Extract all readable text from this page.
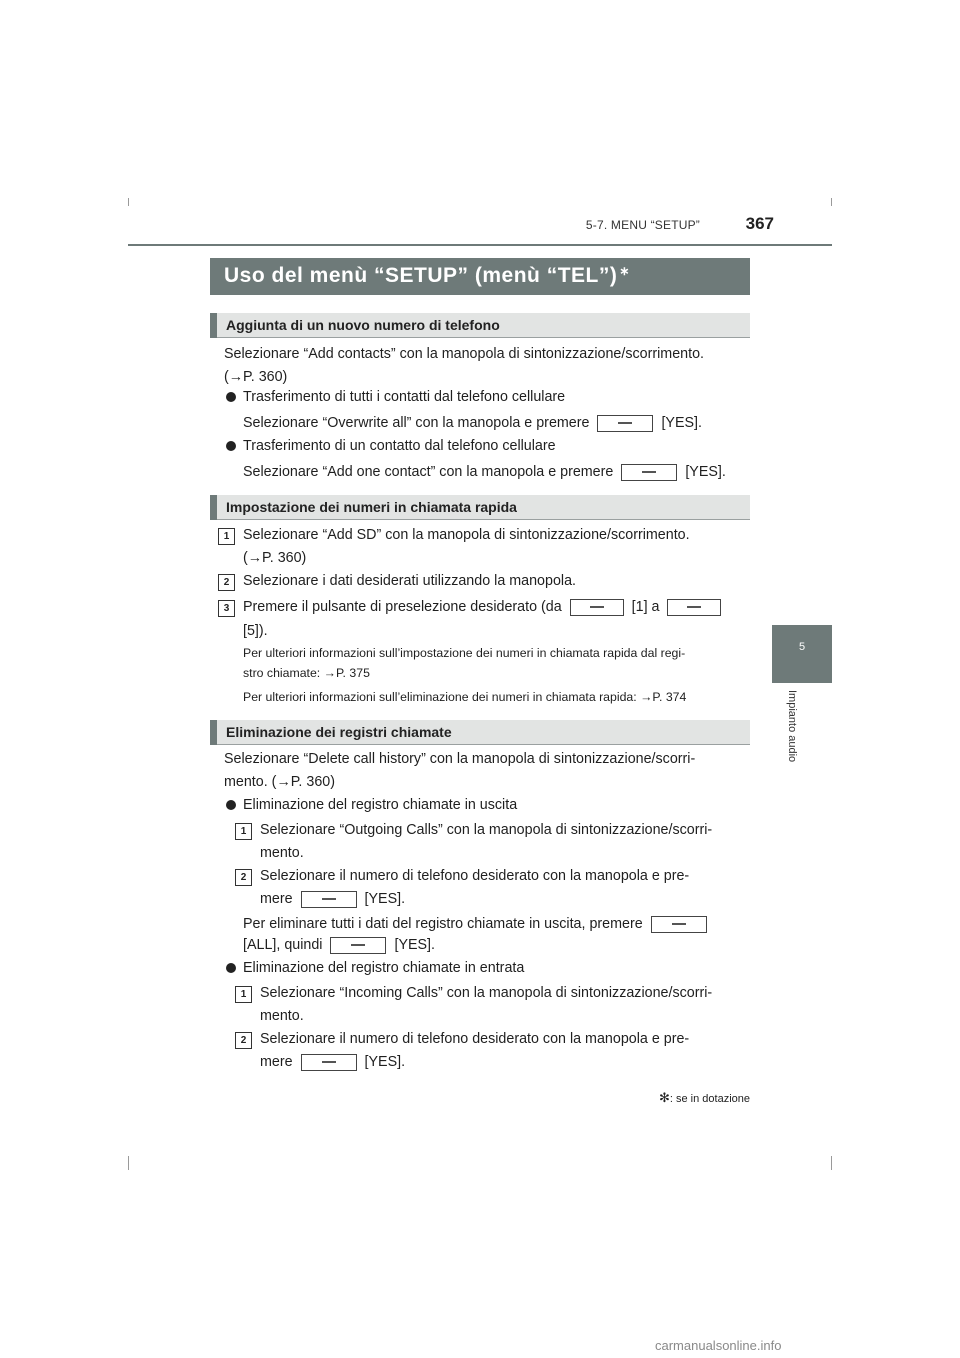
5-7. MENU “SETUP”	367
5
Impianto audio
Uso del menù “SETUP” (menù “TEL”) ∗
Aggiunta di un nuovo numero di telefono
Selezionare “Add contacts” con la manopola di sintonizzazione/scorrimento.
(→P. 360)
Trasferimento di tutti i contatti dal telefono cellulare
Selezionare “Overwrite all” con la manopola e premere	[YES].
Trasferimento di un contatto dal telefono cellulare
Selezionare “Add one contact” con la manopola e premere	[YES].
Impostazione dei numeri in chiamata rapida
1 Selezionare “Add SD” con la manopola di sintonizzazione/scorrimento.
(→P. 360)
2 Selezionare i dati desiderati utilizzando la manopola.
3 Premere il pulsante di preselezione desiderato (da	[1] a
[5]).
Per ulteriori informazioni sull’impostazione dei numeri in chiamata rapida dal regi-
stro chiamate: →P. 375
Per ulteriori informazioni sull’eliminazione dei numeri in chiamata rapida: →P. 374
Eliminazione dei registri chiamate
Selezionare “Delete call history” con la manopola di sintonizzazione/scorri-
mento. (→P. 360)
Eliminazione del registro chiamate in uscita
1 Selezionare “Outgoing Calls” con la manopola di sintonizzazione/scorri-
mento.
2 Selezionare il numero di telefono desiderato con la manopola e pre-
mere	[YES].
Per eliminare tutti i dati del registro chiamate in uscita, premere
[ALL], quindi	[YES].
Eliminazione del registro chiamate in entrata
1 Selezionare “Incoming Calls” con la manopola di sintonizzazione/scorri-
mento.
2 Selezionare il numero di telefono desiderato con la manopola e pre-
mere	[YES].
✻: se in dotazione
carmanualsonline.info
